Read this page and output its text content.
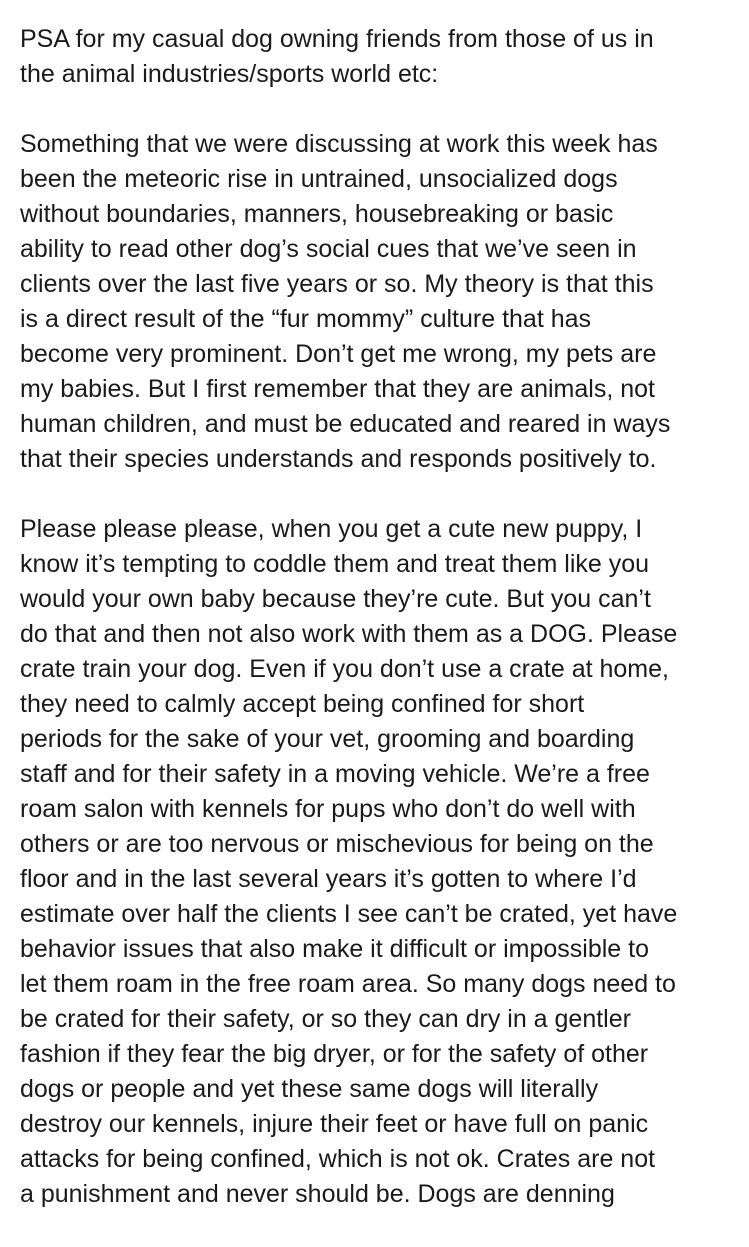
PSA for my casual dog owning friends from those of us in
the animal industries/sports world etc:

Something that we were discussing at work this week has
been the meteoric rise in untrained, unsocialized dogs
without boundaries, manners, housebreaking or basic
ability to read other dog’s social cues that we’ve seen in
clients over the last five years or so. My theory is that this
is a direct result of the “fur mommy” culture that has
become very prominent. Don’t get me wrong, my pets are
my babies. But I first remember that they are animals, not
human children, and must be educated and reared in ways
that their species understands and responds positively to.

Please please please, when you get a cute new puppy, I
know it’s tempting to coddle them and treat them like you
would your own baby because they’re cute. But you can’t
do that and then not also work with them as a DOG. Please
crate train your dog. Even if you don’t use a crate at home,
they need to calmly accept being confined for short
periods for the sake of your vet, grooming and boarding
staff and for their safety in a moving vehicle. We’re a free
roam salon with kennels for pups who don’t do well with
others or are too nervous or mischevious for being on the
floor and in the last several years it’s gotten to where I’d
estimate over half the clients I see can’t be crated, yet have
behavior issues that also make it difficult or impossible to
let them roam in the free roam area. So many dogs need to
be crated for their safety, or so they can dry in a gentler
fashion if they fear the big dryer, or for the safety of other
dogs or people and yet these same dogs will literally
destroy our kennels, injure their feet or have full on panic
attacks for being confined, which is not ok. Crates are not
a punishment and never should be. Dogs are denning
